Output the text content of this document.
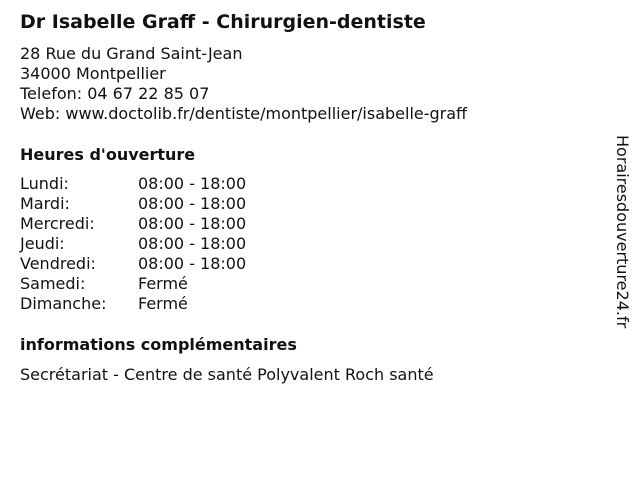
Dr Isabelle Graff - Chirurgien-dentiste
28 Rue du Grand Saint-Jean
34000 Montpellier
Telefon: 04 67 22 85 07
Web: www.doctolib.fr/dentiste/montpellier/isabelle-graff
Heures d'ouverture
Lundi:	08:00 - 18:00
Mardi:	08:00 - 18:00
Mercredi:	08:00 - 18:00
Jeudi:	08:00 - 18:00
Vendredi:	08:00 - 18:00
Samedi:	Fermé
Dimanche:	Fermé
informations complémentaires
Secrétariat - Centre de santé Polyvalent Roch santé
Horairesdouverture24.fr
